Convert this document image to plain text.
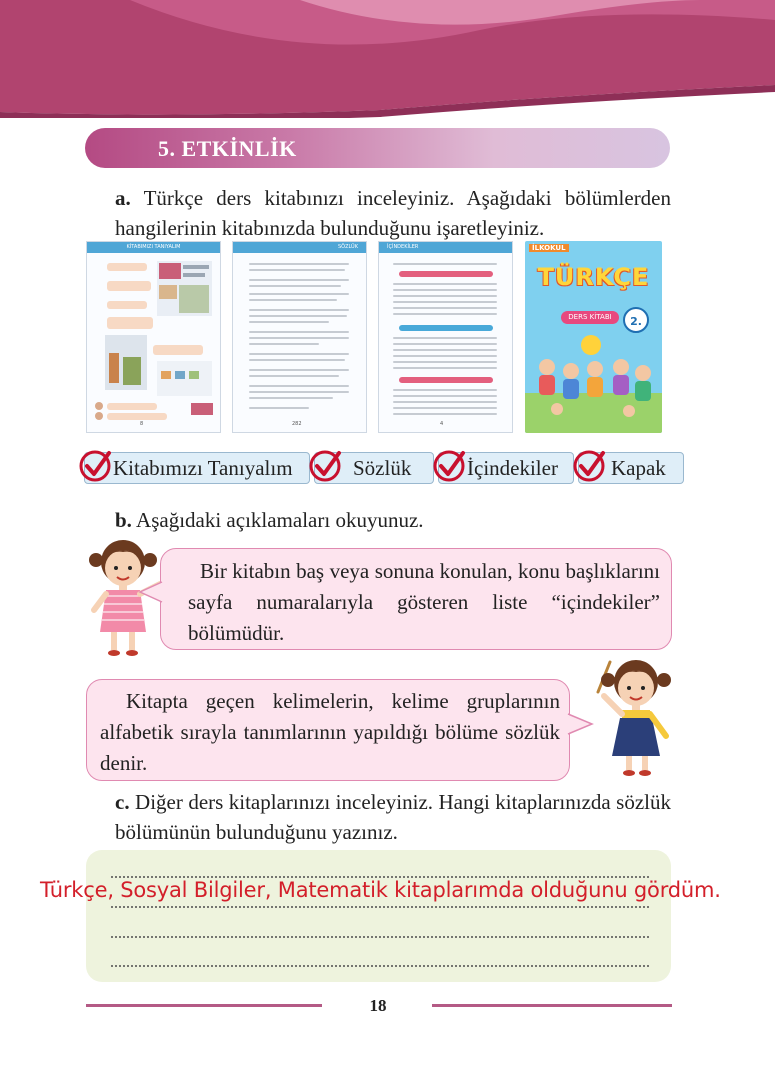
5. ETKİNLİK
a. Türkçe ders kitabınızı inceleyiniz. Aşağıdaki bölümlerden hangilerinin kitabınızda bulunduğunu işaretleyiniz.
KİTABIMIZI TANIYALIM
8
SÖZLÜK
282
İÇİNDEKİLER
4
İLKOKUL
TÜRKÇE
DERS KİTABI	2.
Kitabımızı Tanıyalım	Sözlük	İçindekiler	Kapak
b. Aşağıdaki açıklamaları okuyunuz.
Bir kitabın baş veya sonuna konulan, konu başlıklarını sayfa numaralarıyla gösteren liste “içindekiler” bölümüdür.
Kitapta geçen kelimelerin, kelime gruplarının alfabetik sırayla tanımlarının yapıldığı bölüme sözlük denir.
c. Diğer ders kitaplarınızı inceleyiniz. Hangi kitaplarınızda sözlük bölümünün bulunduğunu yazınız.
Türkçe, Sosyal Bilgiler, Matematik kitaplarımda olduğunu gördüm.
18
